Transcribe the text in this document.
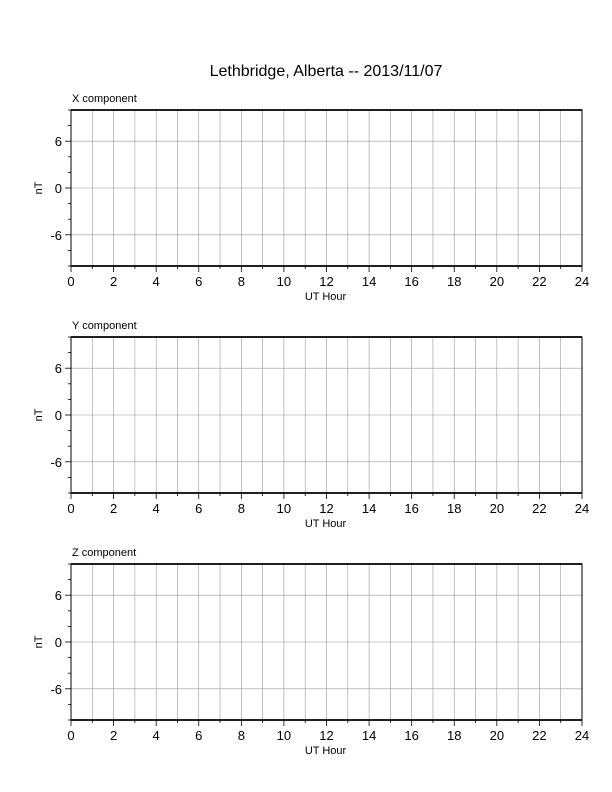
Lethbridge, Alberta -- 2013/11/07
X component
0	2	4	6	8 10 12 14 16 18 20 22 24
-6
0
6
UT Hour
nT
Y component
0	2	4	6	8 10 12 14 16 18 20 22 24
-6
0
6
UT Hour
nT
Z component
0	2	4	6	8 10 12 14 16 18 20 22 24
-6
0
6
UT Hour
nT
